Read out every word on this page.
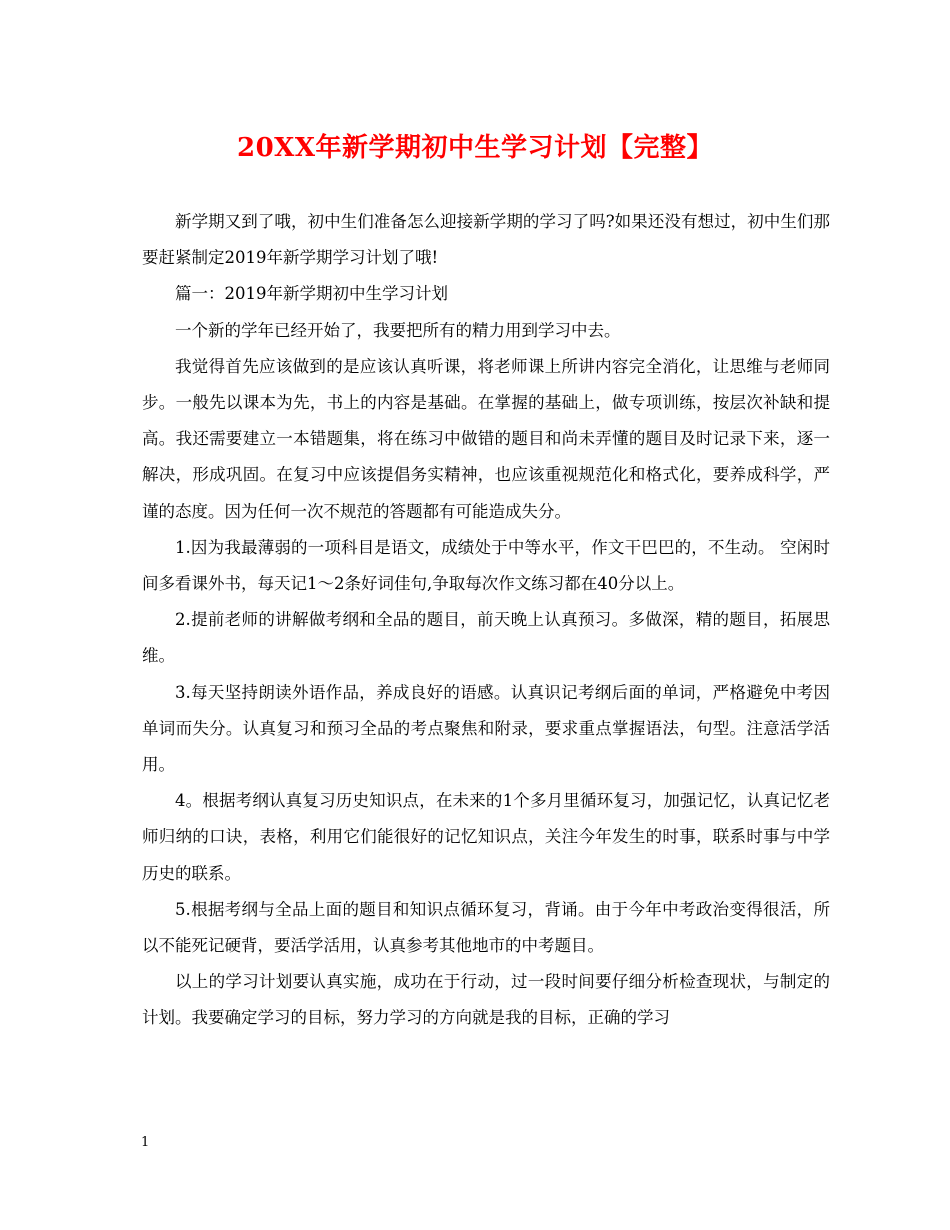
20XX年新学期初中生学习计划【完整】

新学期又到了哦，初中生们准备怎么迎接新学期的学习了吗?如果还没有想过，初中生们那要赶紧制定2019年新学期学习计划了哦!

篇一：2019年新学期初中生学习计划

一个新的学年已经开始了，我要把所有的精力用到学习中去。

我觉得首先应该做到的是应该认真听课，将老师课上所讲内容完全消化，让思维与老师同步。一般先以课本为先，书上的内容是基础。在掌握的基础上，做专项训练，按层次补缺和提高。我还需要建立一本错题集，将在练习中做错的题目和尚未弄懂的题目及时记录下来，逐一解决，形成巩固。在复习中应该提倡务实精神，也应该重视规范化和格式化，要养成科学，严谨的态度。因为任何一次不规范的答题都有可能造成失分。

1.因为我最薄弱的一项科目是语文，成绩处于中等水平，作文干巴巴的，不生动。 空闲时间多看课外书，每天记1～2条好词佳句,争取每次作文练习都在40分以上。

2.提前老师的讲解做考纲和全品的题目，前天晚上认真预习。多做深，精的题目，拓展思维。

3.每天坚持朗读外语作品，养成良好的语感。认真识记考纲后面的单词，严格避免中考因单词而失分。认真复习和预习全品的考点聚焦和附录，要求重点掌握语法，句型。注意活学活用。

4。根据考纲认真复习历史知识点，在未来的1个多月里循环复习，加强记忆，认真记忆老师归纳的口诀，表格，利用它们能很好的记忆知识点，关注今年发生的时事，联系时事与中学历史的联系。

5.根据考纲与全品上面的题目和知识点循环复习，背诵。由于今年中考政治变得很活，所以不能死记硬背，要活学活用，认真参考其他地市的中考题目。

以上的学习计划要认真实施，成功在于行动，过一段时间要仔细分析检查现状，与制定的计划。我要确定学习的目标，努力学习的方向就是我的目标，正确的学习

1
